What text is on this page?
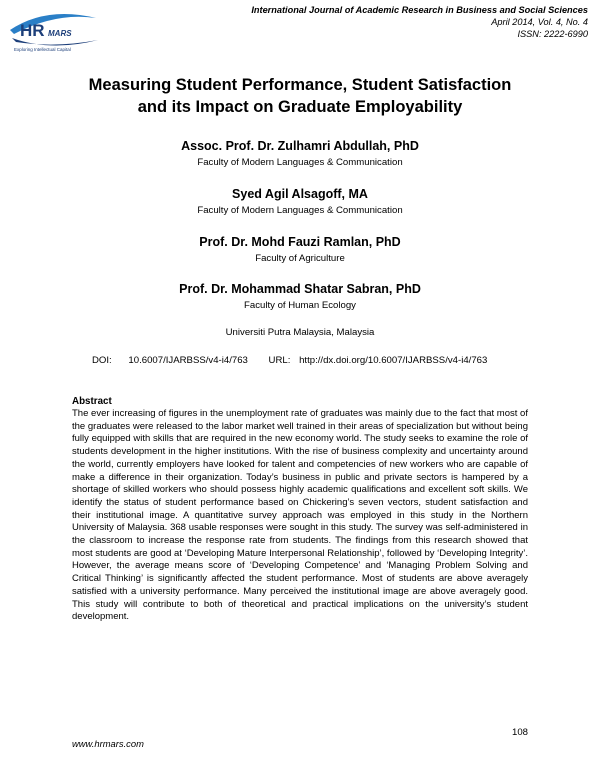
HR MARS
Exploring Intellectual Capital
International Journal of Academic Research in Business and Social Sciences
April 2014, Vol. 4, No. 4
ISSN: 2222-6990
Measuring Student Performance, Student Satisfaction
and its Impact on Graduate Employability
Assoc. Prof. Dr. Zulhamri Abdullah, PhD
Faculty of Modern Languages & Communication
Syed Agil Alsagoff, MA
Faculty of Modern Languages & Communication
Prof. Dr. Mohd Fauzi Ramlan, PhD
Faculty of Agriculture
Prof. Dr. Mohammad Shatar Sabran, PhD
Faculty of Human Ecology
Universiti Putra Malaysia, Malaysia
DOI: 10.6007/IJARBSS/v4-i4/763 URL: http://dx.doi.org/10.6007/IJARBSS/v4-i4/763
Abstract
The ever increasing of figures in the unemployment rate of graduates was mainly due to the fact that most of the graduates were released to the labor market well trained in their areas of specialization but without being fully equipped with skills that are required in the new economy world. The study seeks to examine the role of students development in the higher institutions. With the rise of business complexity and uncertainty around the world, currently employers have looked for talent and competencies of new workers who are capable of make a difference in their organization. Today’s business in public and private sectors is hampered by a shortage of skilled workers who should possess highly academic qualifications and excellent soft skills. We identify the status of student performance based on Chickering’s seven vectors, student satisfaction and their institutional image. A quantitative survey approach was employed in this study in the Northern University of Malaysia. 368 usable responses were sought in this study. The survey was self-administered in the classroom to increase the response rate from students. The findings from this research showed that most students are good at ‘Developing Mature Interpersonal Relationship’, followed by ‘Developing Integrity’. However, the average means score of ‘Developing Competence’ and ‘Managing Problem Solving and Critical Thinking’ is significantly affected the student performance. Most of students are above averagely satisfied with a university performance. Many perceived the institutional image are above averagely good. This study will contribute to both of theoretical and practical implications on the university’s student development.
108
www.hrmars.com
